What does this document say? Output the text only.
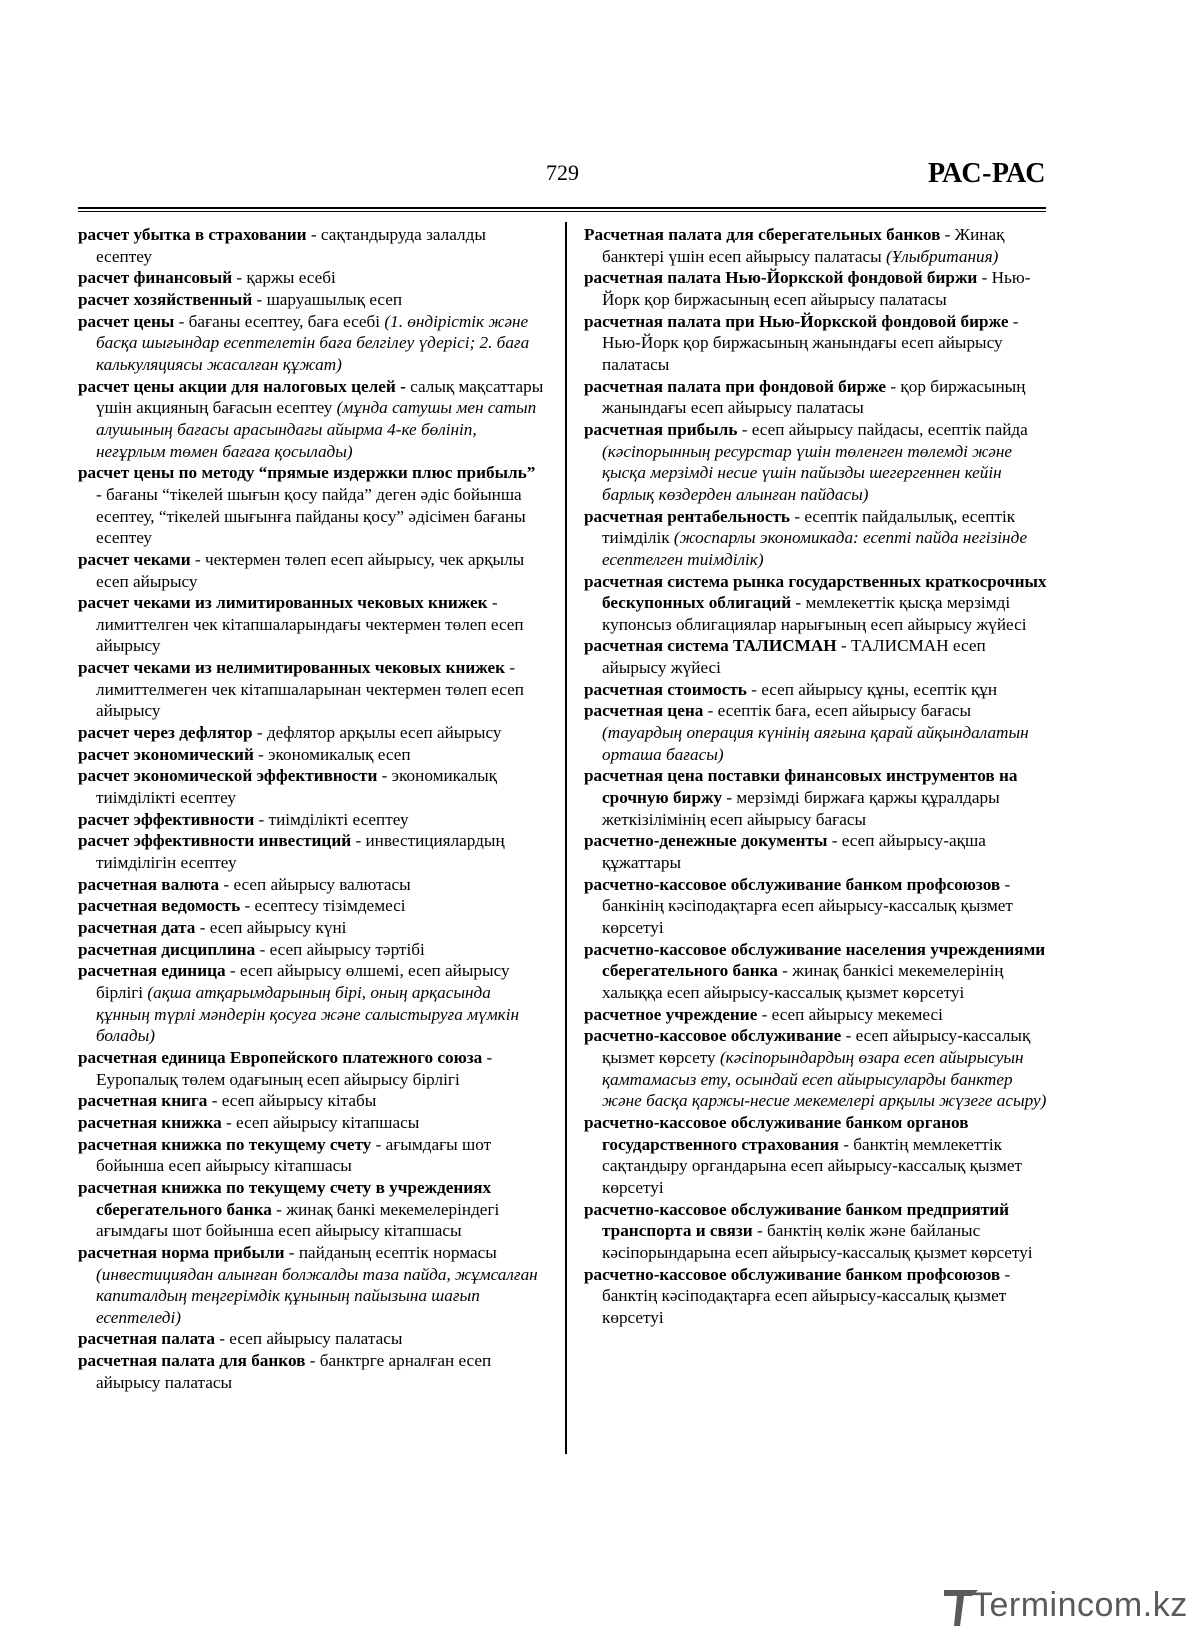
729	РАС-РАС
расчет убытка в страховании - сақтандыруда залалды есептеу
расчет финансовый - қаржы есебі
расчет хозяйственный - шаруашылық есеп
расчет цены - бағаны есептеу, баға есебі (1. өндірістік және басқа шығындар есептелетін баға белгілеу үдерісі; 2. баға калькуляциясы жасалған құжат)
расчет цены акции для налоговых целей - салық мақсаттары үшін акцияның бағасын есептеу (мұнда сатушы мен сатып алушының бағасы арасындағы айырма 4-ке бөлініп, неғұрлым төмен бағаға қосылады)
расчет цены по методу “прямые издержки плюс прибыль” - бағаны “тікелей шығын қосу пайда” деген әдіс бойынша есептеу, “тікелей шығынға пайданы қосу” әдісімен бағаны есептеу
расчет чеками - чектермен төлеп есеп айырысу, чек арқылы есеп айырысу
расчет чеками из лимитированных чековых книжек - лимиттелген чек кітапшаларындағы чектермен төлеп есеп айырысу
расчет чеками из нелимитированных чековых книжек - лимиттелмеген чек кітапшаларынан чектермен төлеп есеп айырысу
расчет через дефлятор - дефлятор арқылы есеп айырысу
расчет экономический - экономикалық есеп
расчет экономической эффективности - экономикалық тиімділікті есептеу
расчет эффективности - тиімділікті есептеу
расчет эффективности инвестиций - инвестициялардың тиімділігін есептеу
расчетная валюта - есеп айырысу валютасы
расчетная ведомость - есептесу тізімдемесі
расчетная дата - есеп айырысу күні
расчетная дисциплина - есеп айырысу тәртібі
расчетная единица - есеп айырысу өлшемі, есеп айырысу бірлігі (ақша атқарымдарының бірі, оның арқасында құнның түрлі мәндерін қосуға және салыстыруға мүмкін болады)
расчетная единица Европейского платежного союза - Еуропалық төлем одағының есеп айырысу бірлігі
расчетная книга - есеп айырысу кітабы
расчетная книжка - есеп айырысу кітапшасы
расчетная книжка по текущему счету - ағымдағы шот бойынша есеп айырысу кітапшасы
расчетная книжка по текущему счету в учреждениях сберегательного банка - жинақ банкі мекемелеріндегі ағымдағы шот бойынша есеп айырысу кітапшасы
расчетная норма прибыли - пайданың есептік нормасы (инвестициядан алынған болжалды таза пайда, жұмсалған капиталдың теңгерімдік құнының пайызына шағып есептеледі)
расчетная палата - есеп айырысу палатасы
расчетная палата для банков - банктрге арналған есеп айырысу палатасы
Расчетная палата для сберегательных банков - Жинақ банктері үшін есеп айырысу палатасы (Ұлыбритания)
расчетная палата Нью-Йоркской фондовой биржи - Нью-Йорк қор биржасының есеп айырысу палатасы
расчетная палата при Нью-Йоркской фондовой бирже - Нью-Йорк қор биржасының жанындағы есеп айырысу палатасы
расчетная палата при фондовой бирже - қор биржасының жанындағы есеп айырысу палатасы
расчетная прибыль - есеп айырысу пайдасы, есептік пайда (кәсіпорынның ресурстар үшін төленген төлемді және қысқа мерзімді несие үшін пайызды шегергеннен кейін барлық көздерден алынған пайдасы)
расчетная рентабельность - есептік пайдалылық, есептік тиімділік (жоспарлы экономикада: есепті пайда негізінде есептелген тиімділік)
расчетная система рынка государственных краткосрочных бескупонных облигаций - мемлекеттік қысқа мерзімді купонсыз облигациялар нарығының есеп айырысу жүйесі
расчетная система ТАЛИСМАН - ТАЛИСМАН есеп айырысу жүйесі
расчетная стоимость - есеп айырысу құны, есептік құн
расчетная цена - есептік баға, есеп айырысу бағасы (тауардың операция күнінің аяғына қарай айқындалатын орташа бағасы)
расчетная цена поставки финансовых инструментов на срочную биржу - мерзімді биржаға қаржы құралдары жеткізілімінің есеп айырысу бағасы
расчетно-денежные документы - есеп айырысу-ақша құжаттары
расчетно-кассовое обслуживание банком профсоюзов - банкінің кәсіподақтарға есеп айырысу-кассалық қызмет көрсетуі
расчетно-кассовое обслуживание населения учреждениями сберегательного банка - жинақ банкісі мекемелерінің халыққа есеп айырысу-кассалық қызмет көрсетуі
расчетное учреждение - есеп айырысу мекемесі
расчетно-кассовое обслуживание - есеп айырысу-кассалық қызмет көрсету (кәсіпорындардың өзара есеп айырысуын қамтамасыз ету, осындай есеп айырысуларды банктер және басқа қаржы-несие мекемелері арқылы жүзеге асыру)
расчетно-кассовое обслуживание банком органов государственного страхования - банктің мемлекеттік сақтандыру органдарына есеп айырысу-кассалық қызмет көрсетуі
расчетно-кассовое обслуживание банком предприятий транспорта и связи - банктің көлік және байланыс кәсіпорындарына есеп айырысу-кассалық қызмет көрсетуі
расчетно-кассовое обслуживание банком профсоюзов - банктің кәсіподақтарға есеп айырысу-кассалық қызмет көрсетуі
Termincom.kz
